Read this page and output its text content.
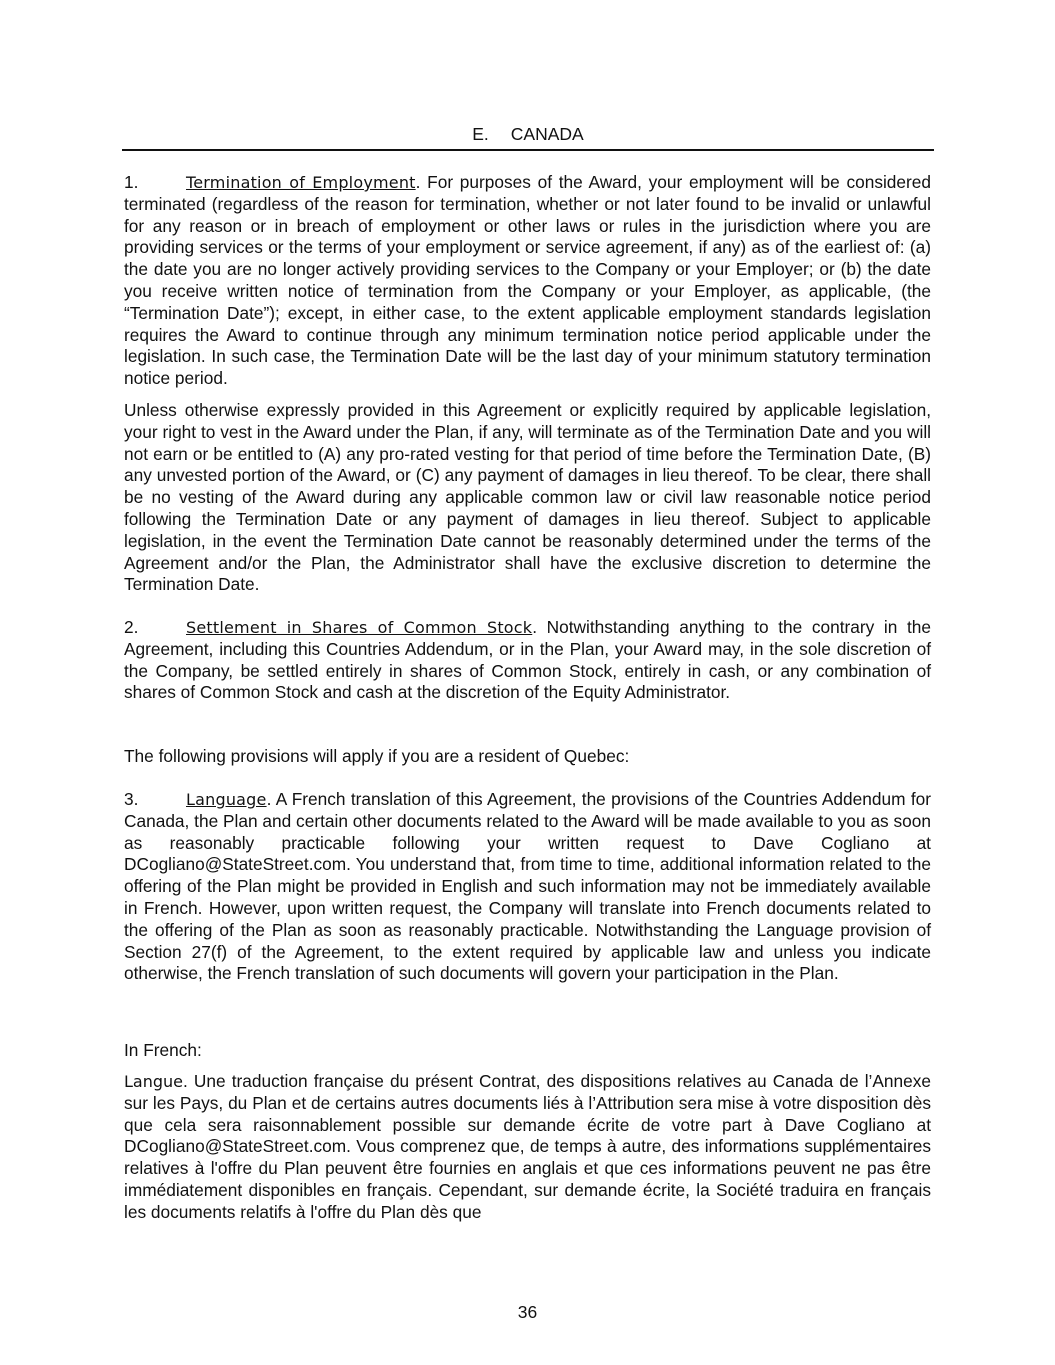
E. CANADA

1.	Termination of Employment. For purposes of the Award, your employment will be considered terminated (regardless of the reason for termination, whether or not later found to be invalid or unlawful for any reason or in breach of employment or other laws or rules in the jurisdiction where you are providing services or the terms of your employment or service agreement, if any) as of the earliest of: (a) the date you are no longer actively providing services to the Company or your Employer; or (b) the date you receive written notice of termination from the Company or your Employer, as applicable, (the “Termination Date”); except, in either case, to the extent applicable employment standards legislation requires the Award to continue through any minimum termination notice period applicable under the legislation. In such case, the Termination Date will be the last day of your minimum statutory termination notice period.

Unless otherwise expressly provided in this Agreement or explicitly required by applicable legislation, your right to vest in the Award under the Plan, if any, will terminate as of the Termination Date and you will not earn or be entitled to (A) any pro-rated vesting for that period of time before the Termination Date, (B) any unvested portion of the Award, or (C) any payment of damages in lieu thereof. To be clear, there shall be no vesting of the Award during any applicable common law or civil law reasonable notice period following the Termination Date or any payment of damages in lieu thereof. Subject to applicable legislation, in the event the Termination Date cannot be reasonably determined under the terms of the Agreement and/or the Plan, the Administrator shall have the exclusive discretion to determine the Termination Date.

2.	Settlement in Shares of Common Stock. Notwithstanding anything to the contrary in the Agreement, including this Countries Addendum, or in the Plan, your Award may, in the sole discretion of the Company, be settled entirely in shares of Common Stock, entirely in cash, or any combination of shares of Common Stock and cash at the discretion of the Equity Administrator.

The following provisions will apply if you are a resident of Quebec:

3.	Language. A French translation of this Agreement, the provisions of the Countries Addendum for Canada, the Plan and certain other documents related to the Award will be made available to you as soon as reasonably practicable following your written request to Dave Cogliano at DCogliano@StateStreet.com. You understand that, from time to time, additional information related to the offering of the Plan might be provided in English and such information may not be immediately available in French. However, upon written request, the Company will translate into French documents related to the offering of the Plan as soon as reasonably practicable. Notwithstanding the Language provision of Section 27(f) of the Agreement, to the extent required by applicable law and unless you indicate otherwise, the French translation of such documents will govern your participation in the Plan.

In French:

Langue. Une traduction française du présent Contrat, des dispositions relatives au Canada de l’Annexe sur les Pays, du Plan et de certains autres documents liés à l’Attribution sera mise à votre disposition dès que cela sera raisonnablement possible sur demande écrite de votre part à Dave Cogliano at DCogliano@StateStreet.com. Vous comprenez que, de temps à autre, des informations supplémentaires relatives à l'offre du Plan peuvent être fournies en anglais et que ces informations peuvent ne pas être immédiatement disponibles en français. Cependant, sur demande écrite, la Société traduira en français les documents relatifs à l'offre du Plan dès que

36
